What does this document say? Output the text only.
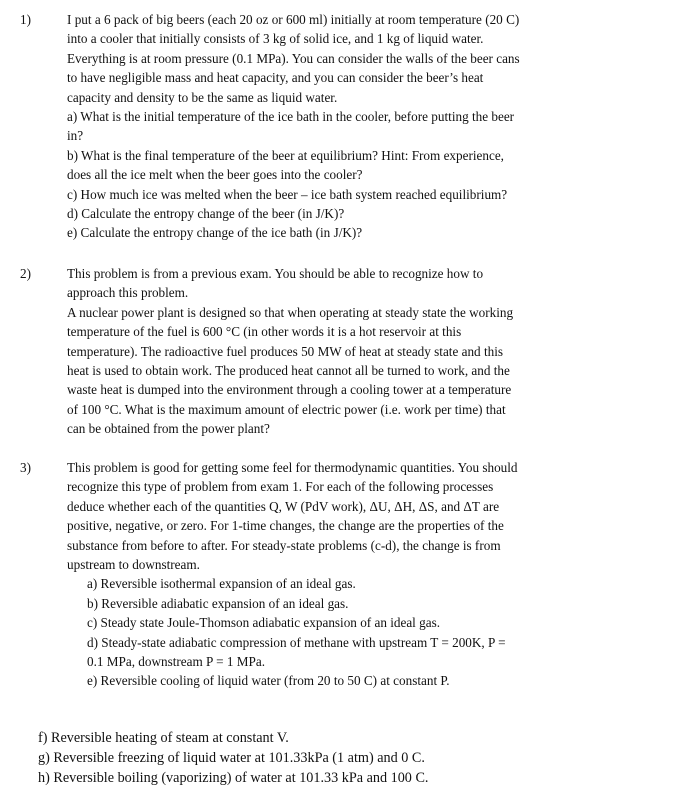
1)	I put a 6 pack of big beers (each 20 oz or 600 ml) initially at room temperature (20 C)
into a cooler that initially consists of 3 kg of solid ice, and 1 kg of liquid water.
Everything is at room pressure (0.1 MPa). You can consider the walls of the beer cans
to have negligible mass and heat capacity, and you can consider the beer’s heat
capacity and density to be the same as liquid water.
a) What is the initial temperature of the ice bath in the cooler, before putting the beer
in?
b) What is the final temperature of the beer at equilibrium? Hint: From experience,
does all the ice melt when the beer goes into the cooler?
c) How much ice was melted when the beer – ice bath system reached equilibrium?
d) Calculate the entropy change of the beer (in J/K)?
e) Calculate the entropy change of the ice bath (in J/K)?
2)	This problem is from a previous exam. You should be able to recognize how to
approach this problem.
A nuclear power plant is designed so that when operating at steady state the working
temperature of the fuel is 600 °C (in other words it is a hot reservoir at this
temperature). The radioactive fuel produces 50 MW of heat at steady state and this
heat is used to obtain work. The produced heat cannot all be turned to work, and the
waste heat is dumped into the environment through a cooling tower at a temperature
of 100 °C. What is the maximum amount of electric power (i.e. work per time) that
can be obtained from the power plant?
3)	This problem is good for getting some feel for thermodynamic quantities. You should
recognize this type of problem from exam 1. For each of the following processes
deduce whether each of the quantities Q, W (PdV work), ΔU, ΔH, ΔS, and ΔT are
positive, negative, or zero. For 1-time changes, the change are the properties of the
substance from before to after. For steady-state problems (c-d), the change is from
upstream to downstream.
a) Reversible isothermal expansion of an ideal gas.
b) Reversible adiabatic expansion of an ideal gas.
c) Steady state Joule-Thomson adiabatic expansion of an ideal gas.
d) Steady-state adiabatic compression of methane with upstream T = 200K, P =
0.1 MPa, downstream P = 1 MPa.
e) Reversible cooling of liquid water (from 20 to 50 C) at constant P.
f) Reversible heating of steam at constant V.
g) Reversible freezing of liquid water at 101.33kPa (1 atm) and 0 C.
h) Reversible boiling (vaporizing) of water at 101.33 kPa and 100 C.
